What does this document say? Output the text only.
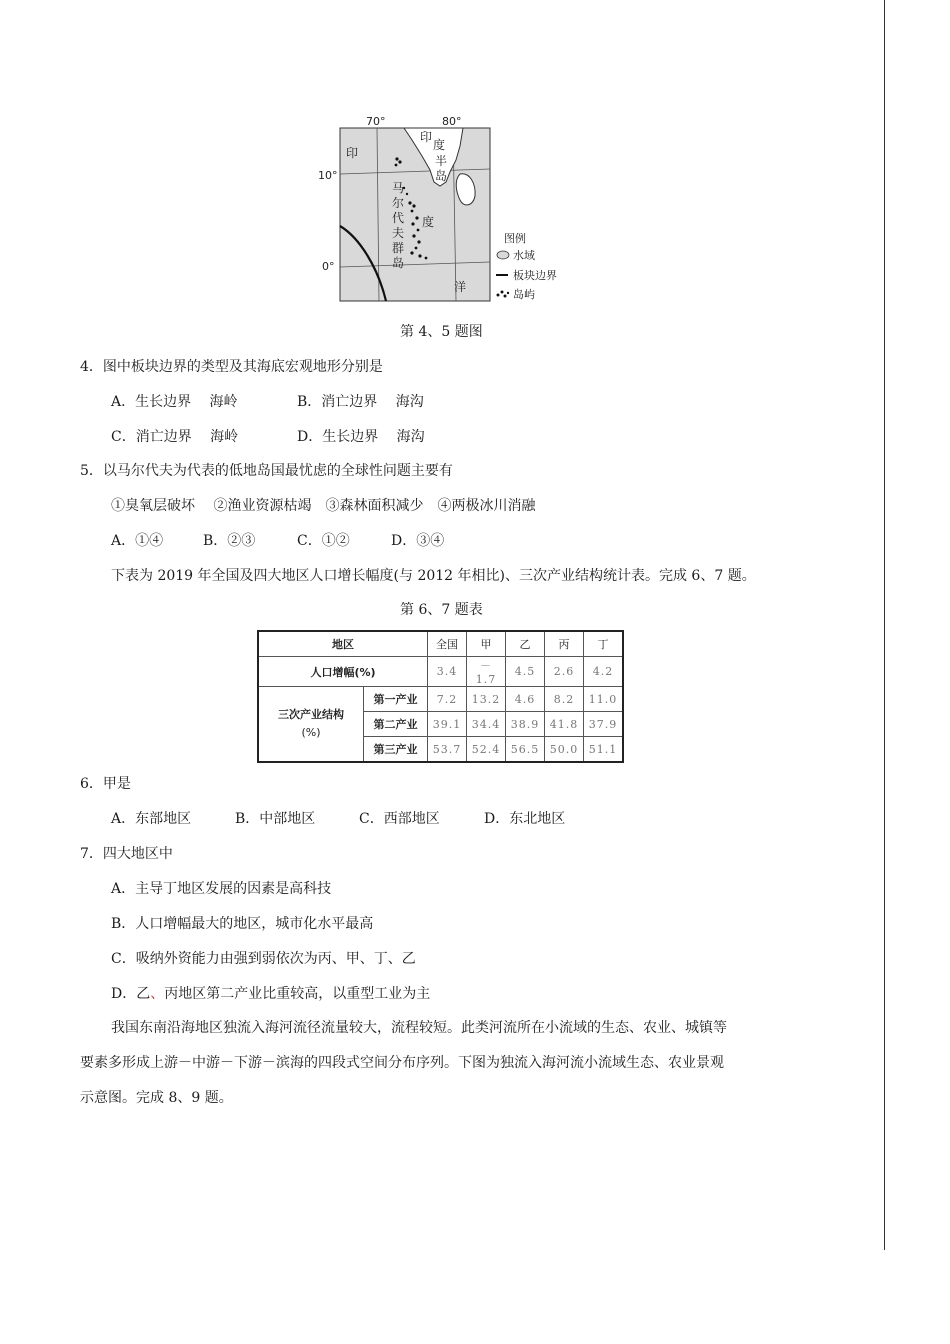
70°	80°
10°
0°
印
印
度
半
岛
度
洋
马
尔
代
夫
群
岛
图例
水域
板块边界
岛屿
第 4、5 题图
4．图中板块边界的类型及其海底宏观地形分别是
A．生长边界　 海岭	B．消亡边界　 海沟
C．消亡边界　 海岭	D．生长边界　 海沟
5．以马尔代夫为代表的低地岛国最忧虑的全球性问题主要有
①臭氧层破坏　 ②渔业资源枯竭　③森林面积减少　④两极冰川消融
A．①④	B．②③	C．①②	D．③④
下表为 2019 年全国及四大地区人口增长幅度(与 2012 年相比)、三次产业结构统计表。完成 6、7 题。
第 6、7 题表
地区		全国	甲	乙	丙	丁
人口增幅(%)		3.4	－1.7	4.5	2.6	4.2
三次产业结构
(%)	第一产业	7.2	13.2	4.6	8.2	11.0
	第二产业	39.1	34.4	38.9	41.8	37.9
	第三产业	53.7	52.4	56.5	50.0	51.1
6．甲是
A．东部地区	B．中部地区	C．西部地区	D．东北地区
7．四大地区中
A．主导丁地区发展的因素是高科技
B．人口增幅最大的地区，城市化水平最高
C．吸纳外资能力由强到弱依次为丙、甲、丁、乙
D．乙、丙地区第二产业比重较高，以重型工业为主
我国东南沿海地区独流入海河流径流量较大，流程较短。此类河流所在小流域的生态、农业、城镇等
要素多形成上游－中游－下游－滨海的四段式空间分布序列。下图为独流入海河流小流域生态、农业景观
示意图。完成 8、9 题。
